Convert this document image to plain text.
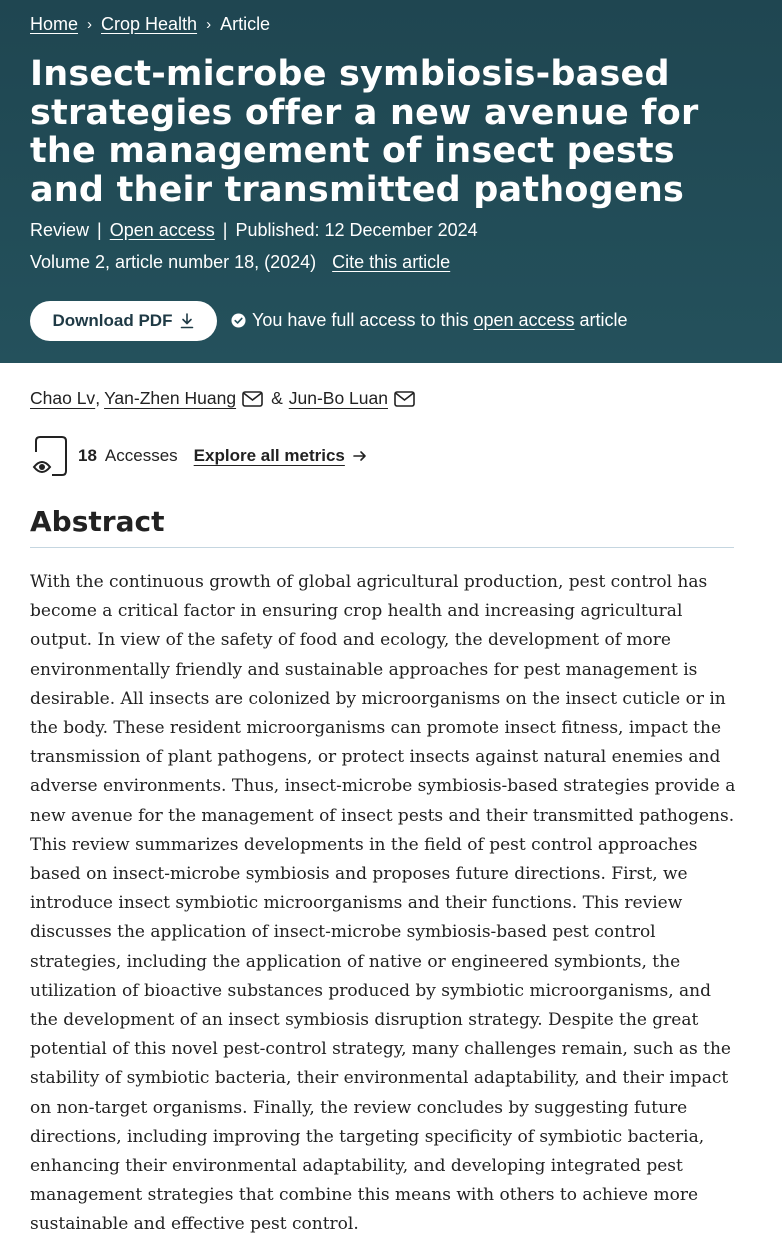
Home › Crop Health › Article
Insect-microbe symbiosis-based strategies offer a new avenue for the management of insect pests and their transmitted pathogens
Review | Open access | Published: 12 December 2024
Volume 2, article number 18, (2024) Cite this article
Download PDF	You have full access to this open access article
Chao Lv , Yan-Zhen Huang & Jun-Bo Luan
18 Accesses Explore all metrics
Abstract

With the continuous growth of global agricultural production, pest control has become a critical factor in ensuring crop health and increasing agricultural output. In view of the safety of food and ecology, the development of more environmentally friendly and sustainable approaches for pest management is desirable. All insects are colonized by microorganisms on the insect cuticle or in the body. These resident microorganisms can promote insect fitness, impact the transmission of plant pathogens, or protect insects against natural enemies and adverse environments. Thus, insect-microbe symbiosis-based strategies provide a new avenue for the management of insect pests and their transmitted pathogens. This review summarizes developments in the field of pest control approaches based on insect-microbe symbiosis and proposes future directions. First, we introduce insect symbiotic microorganisms and their functions. This review discusses the application of insect-microbe symbiosis-based pest control strategies, including the application of native or engineered symbionts, the utilization of bioactive substances produced by symbiotic microorganisms, and the development of an insect symbiosis disruption strategy. Despite the great potential of this novel pest-control strategy, many challenges remain, such as the stability of symbiotic bacteria, their environmental adaptability, and their impact on non-target organisms. Finally, the review concludes by suggesting future directions, including improving the targeting specificity of symbiotic bacteria, enhancing their environmental adaptability, and developing integrated pest management strategies that combine this means with others to achieve more sustainable and effective pest control.
